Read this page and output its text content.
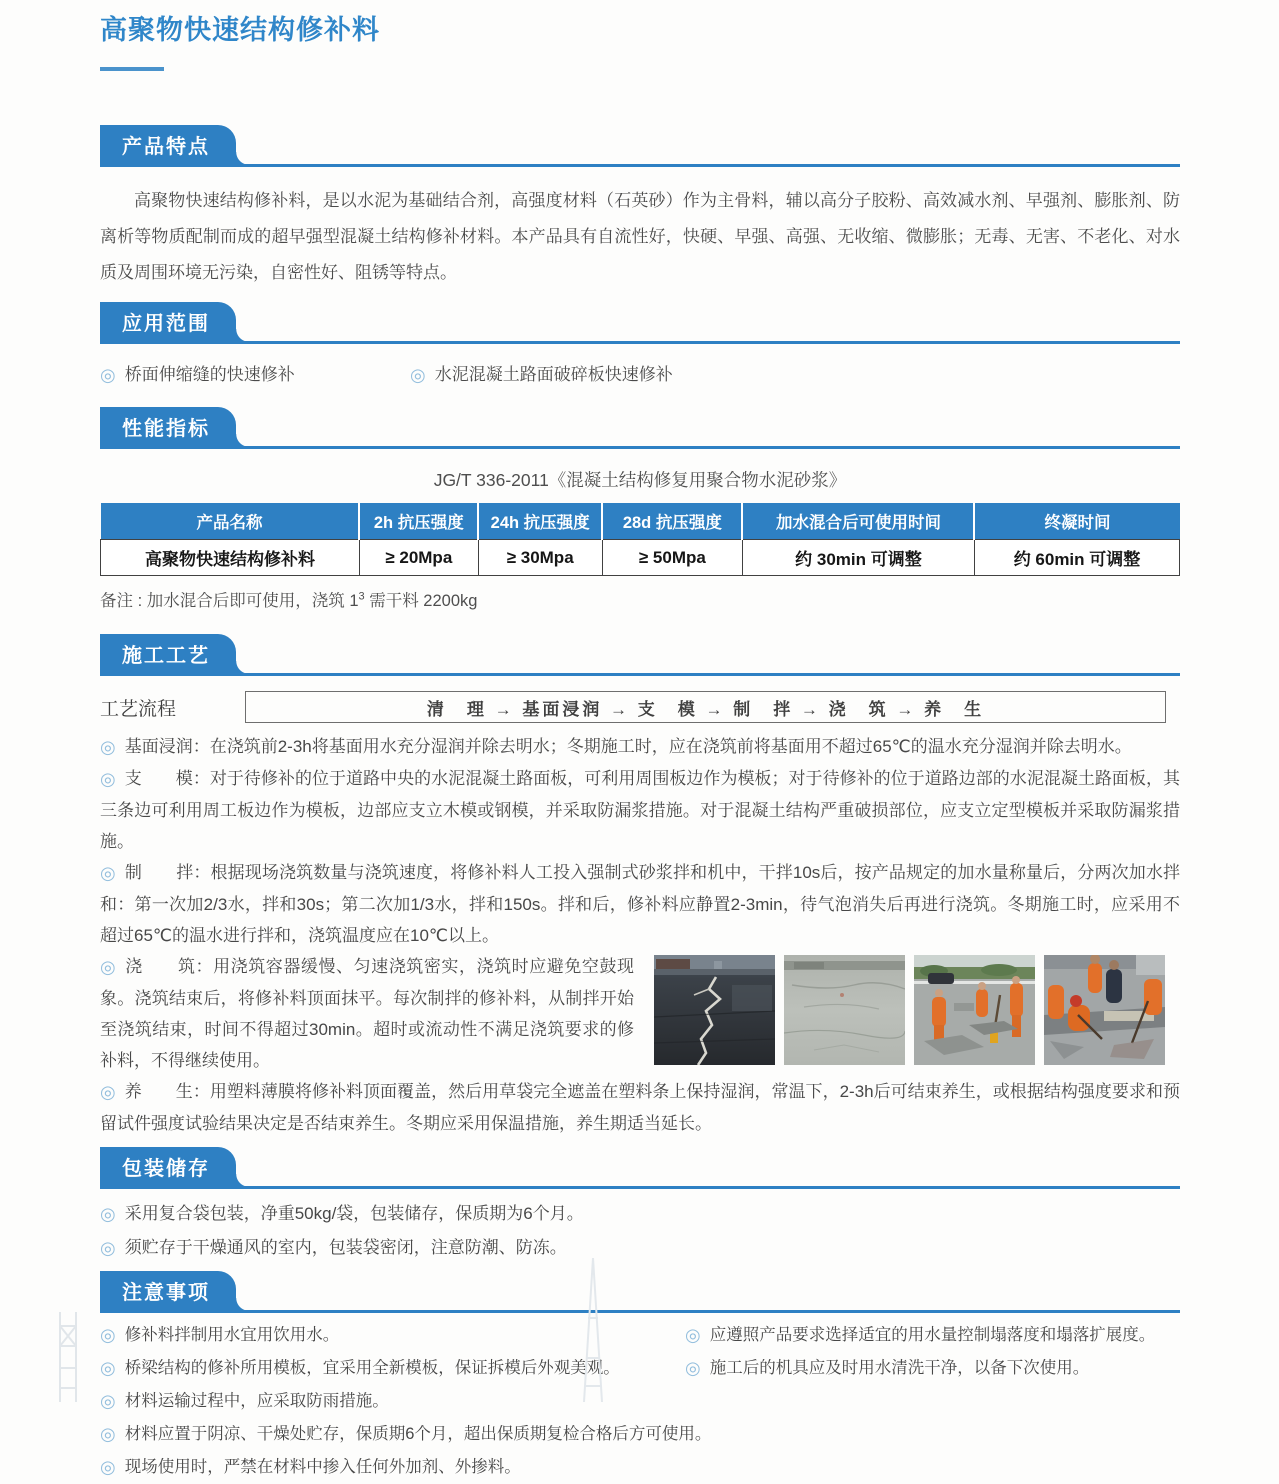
高聚物快速结构修补料
产品特点

高聚物快速结构修补料，是以水泥为基础结合剂，高强度材料（石英砂）作为主骨料，辅以高分子胶粉、高效减水剂、早强剂、膨胀剂、防离析等物质配制而成的超早强型混凝土结构修补材料。本产品具有自流性好，快硬、早强、高强、无收缩、微膨胀；无毒、无害、不老化、对水质及周围环境无污染，自密性好、阻锈等特点。

应用范围
◎ 桥面伸缩缝的快速修补	◎ 水泥混凝土路面破碎板快速修补
性能指标
JG/T 336-2011《混凝土结构修复用聚合物水泥砂浆》
产品名称	2h 抗压强度	24h 抗压强度	28d 抗压强度	加水混合后可使用时间	终凝时间
高聚物快速结构修补料	≥ 20Mpa	≥ 30Mpa	≥ 50Mpa	约 30min 可调整	约 60min 可调整
备注 : 加水混合后即可使用，浇筑 $1^3$ 需干料 2200kg
施工工艺
工艺流程	清　理 → 基面浸润 → 支　模 → 制　拌 → 浇　筑 → 养　生

◎ 基面浸润：在浇筑前2-3h将基面用水充分湿润并除去明水；冬期施工时，应在浇筑前将基面用不超过65℃的温水充分湿润并除去明水。

◎ 支　　模：对于待修补的位于道路中央的水泥混凝土路面板，可利用周围板边作为模板；对于待修补的位于道路边部的水泥混凝土路面板，其三条边可利用周工板边作为模板，边部应支立木模或钢模，并采取防漏浆措施。对于混凝土结构严重破损部位，应支立定型模板并采取防漏浆措施。

◎ 制　　拌：根据现场浇筑数量与浇筑速度，将修补料人工投入强制式砂浆拌和机中，干拌10s后，按产品规定的加水量称量后，分两次加水拌和：第一次加2/3水，拌和30s；第二次加1/3水，拌和150s。拌和后，修补料应静置2-3min，待气泡消失后再进行浇筑。冬期施工时，应采用不超过65℃的温水进行拌和，浇筑温度应在10℃以上。

◎ 浇　　筑：用浇筑容器缓慢、匀速浇筑密实，浇筑时应避免空鼓现象。浇筑结束后，将修补料顶面抹平。每次制拌的修补料，从制拌开始至浇筑结束，时间不得超过30min。超时或流动性不满足浇筑要求的修补料，不得继续使用。

◎ 养　　生：用塑料薄膜将修补料顶面覆盖，然后用草袋完全遮盖在塑料条上保持湿润，常温下，2-3h后可结束养生，或根据结构强度要求和预留试件强度试验结果决定是否结束养生。冬期应采用保温措施，养生期适当延长。

包装储存

◎ 采用复合袋包装，净重50kg/袋，包装储存，保质期为6个月。

◎ 须贮存于干燥通风的室内，包装袋密闭，注意防潮、防冻。

注意事项

◎ 修补料拌制用水宜用饮用水。

◎ 桥梁结构的修补所用模板，宜采用全新模板，保证拆模后外观美观。

◎ 材料运输过程中，应采取防雨措施。

◎ 材料应置于阴凉、干燥处贮存，保质期6个月，超出保质期复检合格后方可使用。

◎ 现场使用时，严禁在材料中掺入任何外加剂、外掺料。

◎ 应遵照产品要求选择适宜的用水量控制塌落度和塌落扩展度。

◎ 施工后的机具应及时用水清洗干净，以备下次使用。
